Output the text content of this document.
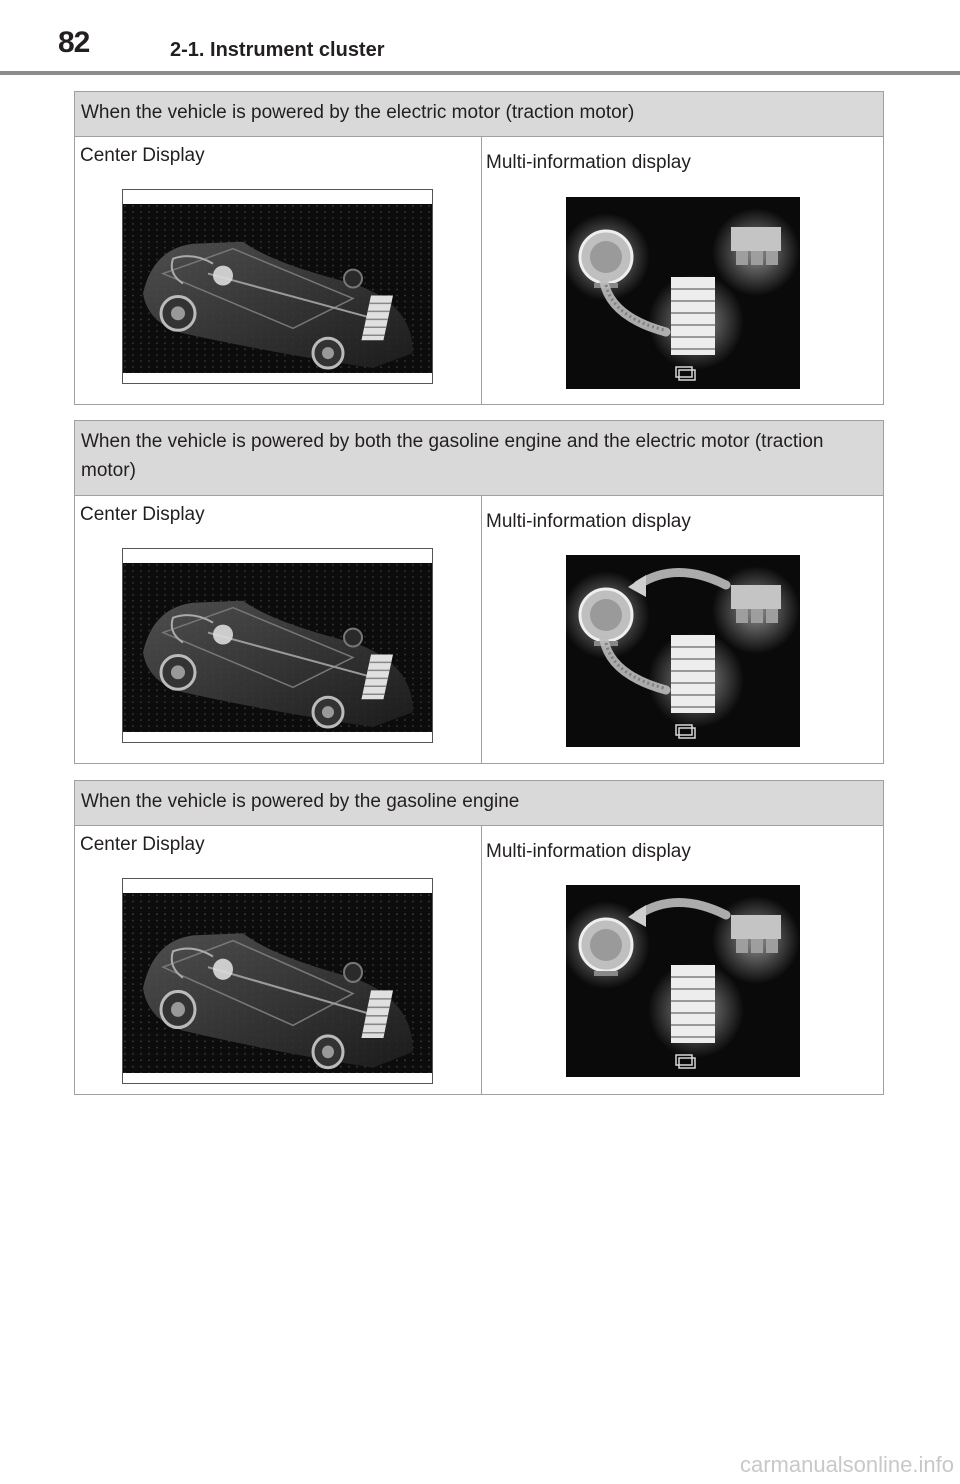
82	2-1. Instrument cluster
When the vehicle is powered by the electric motor (traction motor)
Center Display	Multi-information display
When the vehicle is powered by both the gasoline engine and the electric motor (traction motor)
Center Display	Multi-information display
When the vehicle is powered by the gasoline engine
Center Display	Multi-information display
carmanualsonline.info
